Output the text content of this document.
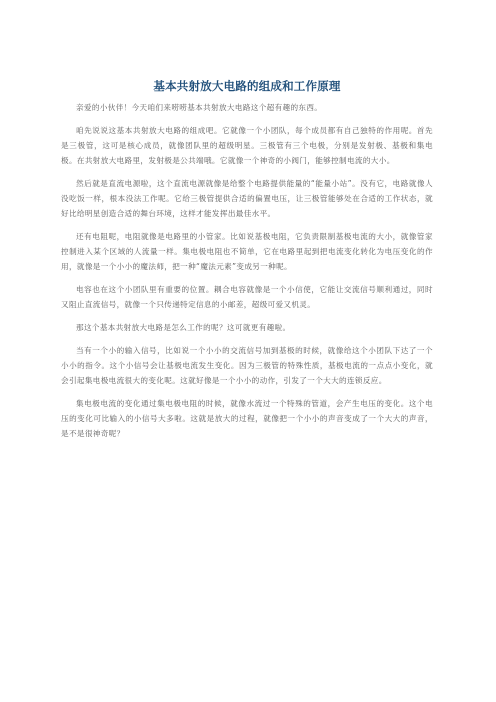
基本共射放大电路的组成和工作原理

亲爱的小伙伴！今天咱们来唠唠基本共射放大电路这个超有趣的东西。

咱先说说这基本共射放大电路的组成吧。它就像一个小团队，每个成员都有自己独特的作用呢。首先是三极管，这可是核心成员，就像团队里的超级明星。三极管有三个电极，分别是发射极、基极和集电极。在共射放大电路里，发射极是公共端哦。它就像一个神奇的小阀门，能够控制电流的大小。

然后就是直流电源啦，这个直流电源就像是给整个电路提供能量的“能量小站”。没有它，电路就像人没吃饭一样，根本没法工作呢。它给三极管提供合适的偏置电压，让三极管能够处在合适的工作状态，就好比给明星创造合适的舞台环境，这样才能发挥出最佳水平。

还有电阻呢，电阻就像是电路里的小管家。比如说基极电阻，它负责限制基极电流的大小，就像管家控制进入某个区域的人流量一样。集电极电阻也不简单，它在电路里起到把电流变化转化为电压变化的作用，就像是一个小小的魔法师，把一种“魔法元素”变成另一种呢。

电容也在这个小团队里有重要的位置。耦合电容就像是一个小信使，它能让交流信号顺利通过，同时又阻止直流信号，就像一个只传递特定信息的小邮差，超级可爱又机灵。

那这个基本共射放大电路是怎么工作的呢？这可就更有趣啦。

当有一个小的输入信号，比如说一个小小的交流信号加到基极的时候，就像给这个小团队下达了一个小小的指令。这个小信号会让基极电流发生变化。因为三极管的特殊性质，基极电流的一点点小变化，就会引起集电极电流很大的变化呢。这就好像是一个小小的动作，引发了一个大大的连锁反应。

集电极电流的变化通过集电极电阻的时候，就像水流过一个特殊的管道，会产生电压的变化。这个电压的变化可比输入的小信号大多啦。这就是放大的过程，就像把一个小小的声音变成了一个大大的声音，是不是很神奇呢？
